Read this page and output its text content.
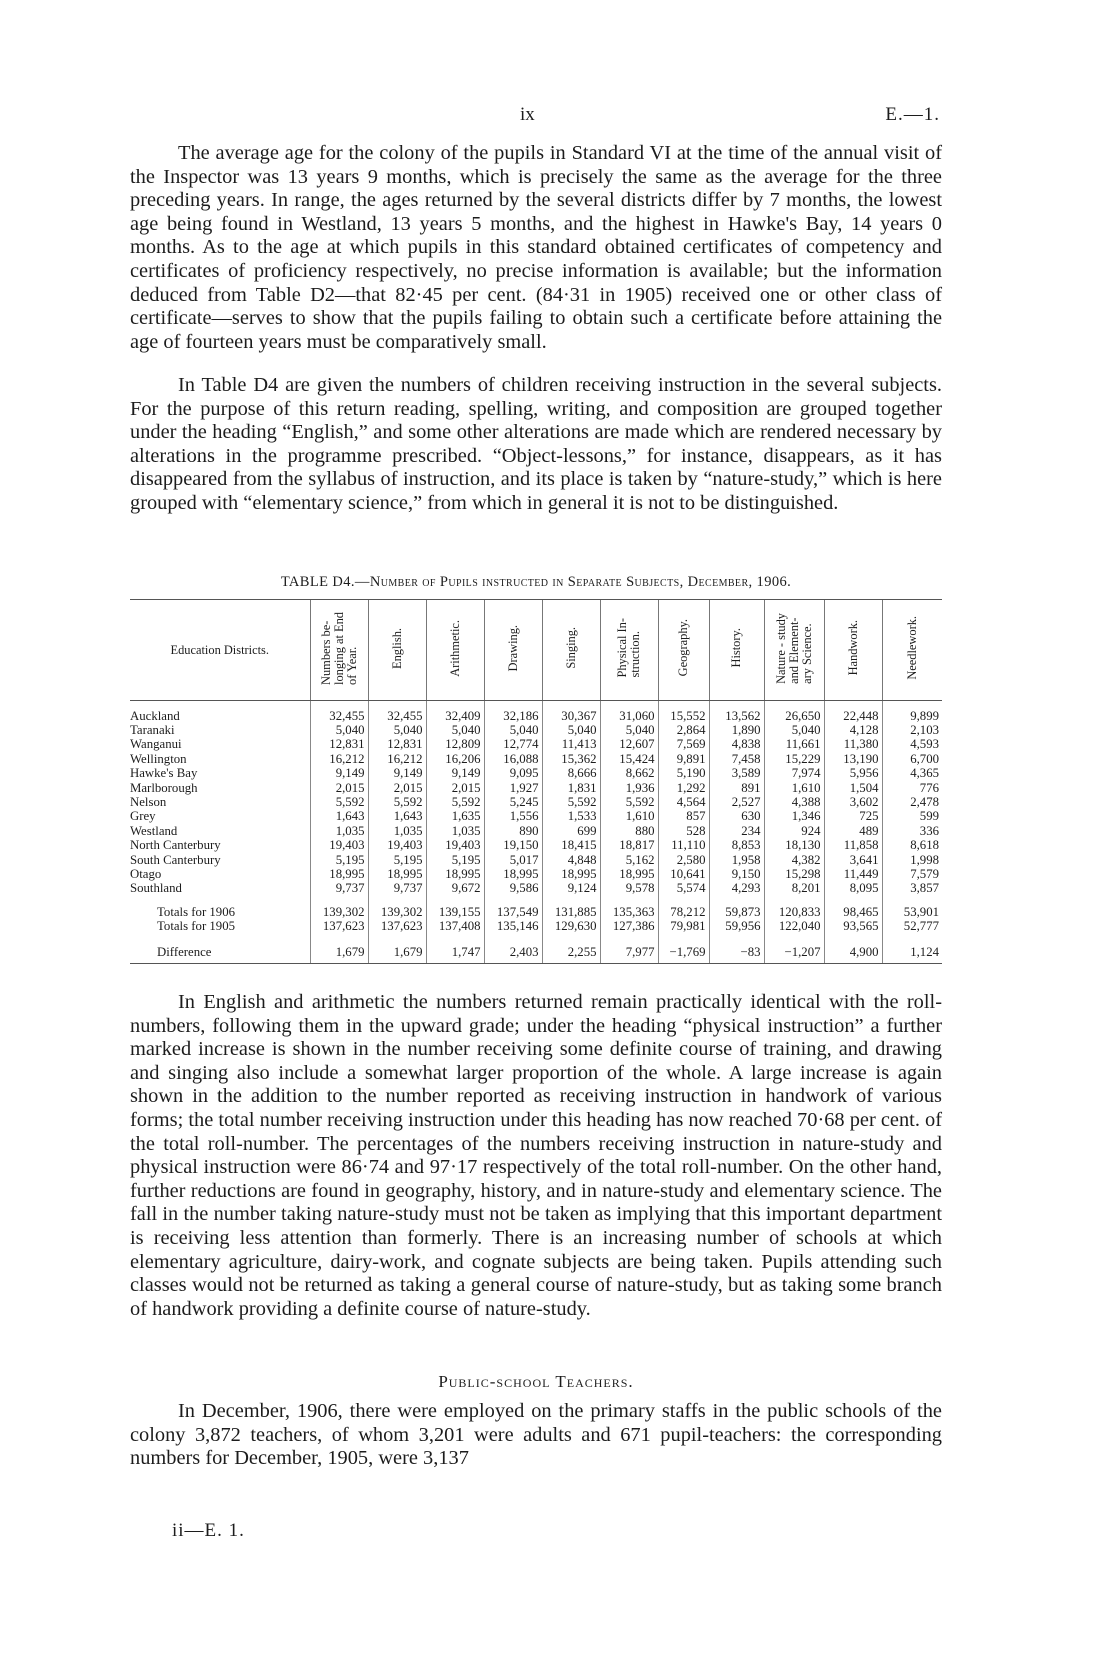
ix	E.—1.

The average age for the colony of the pupils in Standard VI at the time of the annual visit of the Inspector was 13 years 9 months, which is precisely the same as the average for the three preceding years. In range, the ages returned by the several districts differ by 7 months, the lowest age being found in Westland, 13 years 5 months, and the highest in Hawke's Bay, 14 years 0 months. As to the age at which pupils in this standard obtained certificates of competency and certificates of proficiency respectively, no precise information is available; but the information deduced from Table D2—that 82·45 per cent. (84·31 in 1905) received one or other class of certificate—serves to show that the pupils failing to obtain such a certificate before attaining the age of fourteen years must be comparatively small.

In Table D4 are given the numbers of children receiving instruction in the several subjects. For the purpose of this return reading, spelling, writing, and composition are grouped together under the heading “English,” and some other alterations are made which are rendered necessary by alterations in the programme prescribed. “Object-lessons,” for instance, disappears, as it has disappeared from the syllabus of instruction, and its place is taken by “nature-study,” which is here grouped with “elementary science,” from which in general it is not to be distinguished.

TABLE D4.—Number of Pupils instructed in Separate Subjects, December, 1906.
Education Districts.	Numbers be-
longing at End
of Year.	English.	Arithmetic.	Drawing.	Singing.	Physical In-
struction.	Geography.	History.	Nature - study
and Element-
ary Science.	Handwork.	Needlework.

Auckland	32,455	32,455	32,409	32,186	30,367	31,060	15,552	13,562	26,650	22,448	9,899
Taranaki	5,040	5,040	5,040	5,040	5,040	5,040	2,864	1,890	5,040	4,128	2,103
Wanganui	12,831	12,831	12,809	12,774	11,413	12,607	7,569	4,838	11,661	11,380	4,593
Wellington	16,212	16,212	16,206	16,088	15,362	15,424	9,891	7,458	15,229	13,190	6,700
Hawke's Bay	9,149	9,149	9,149	9,095	8,666	8,662	5,190	3,589	7,974	5,956	4,365
Marlborough	2,015	2,015	2,015	1,927	1,831	1,936	1,292	891	1,610	1,504	776
Nelson	5,592	5,592	5,592	5,245	5,592	5,592	4,564	2,527	4,388	3,602	2,478
Grey	1,643	1,643	1,635	1,556	1,533	1,610	857	630	1,346	725	599
Westland	1,035	1,035	1,035	890	699	880	528	234	924	489	336
North Canterbury	19,403	19,403	19,403	19,150	18,415	18,817	11,110	8,853	18,130	11,858	8,618
South Canterbury	5,195	5,195	5,195	5,017	4,848	5,162	2,580	1,958	4,382	3,641	1,998
Otago	18,995	18,995	18,995	18,995	18,995	18,995	10,641	9,150	15,298	11,449	7,579
Southland	9,737	9,737	9,672	9,586	9,124	9,578	5,574	4,293	8,201	8,095	3,857

Totals for 1906	139,302	139,302	139,155	137,549	131,885	135,363	78,212	59,873	120,833	98,465	53,901
Totals for 1905	137,623	137,623	137,408	135,146	129,630	127,386	79,981	59,956	122,040	93,565	52,777

Difference	1,679	1,679	1,747	2,403	2,255	7,977	−1,769	−83	−1,207	4,900	1,124

In English and arithmetic the numbers returned remain practically identical with the roll-numbers, following them in the upward grade; under the heading “physical instruction” a further marked increase is shown in the number receiving some definite course of training, and drawing and singing also include a somewhat larger proportion of the whole. A large increase is again shown in the addition to the number reported as receiving instruction in handwork of various forms; the total number receiving instruction under this heading has now reached 70·68 per cent. of the total roll-number. The percentages of the numbers receiving instruction in nature-study and physical instruction were 86·74 and 97·17 respectively of the total roll-number. On the other hand, further reductions are found in geography, history, and in nature-study and elementary science. The fall in the number taking nature-study must not be taken as implying that this important department is receiving less attention than formerly. There is an increasing number of schools at which elementary agriculture, dairy-work, and cognate subjects are being taken. Pupils attending such classes would not be returned as taking a general course of nature-study, but as taking some branch of handwork providing a definite course of nature-study.

Public-school Teachers.

In December, 1906, there were employed on the primary staffs in the public schools of the colony 3,872 teachers, of whom 3,201 were adults and 671 pupil-teachers: the corresponding numbers for December, 1905, were 3,137

ii—E. 1.
